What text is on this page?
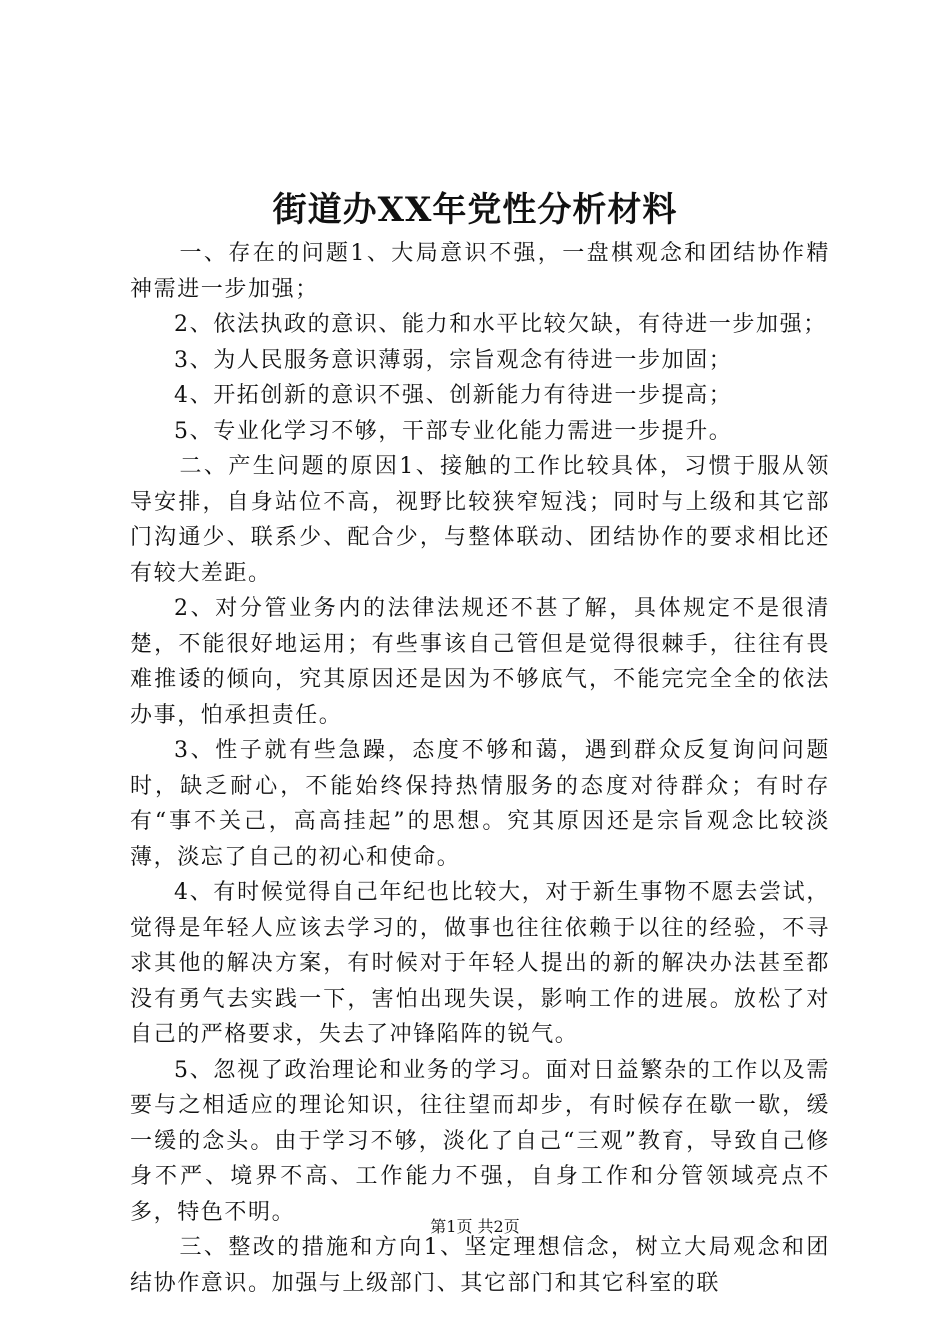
街道办XX年党性分析材料

一、存在的问题1、大局意识不强，一盘棋观念和团结协作精神需进一步加强；

2、依法执政的意识、能力和水平比较欠缺，有待进一步加强；

3、为人民服务意识薄弱，宗旨观念有待进一步加固；

4、开拓创新的意识不强、创新能力有待进一步提高；

5、专业化学习不够，干部专业化能力需进一步提升。

二、产生问题的原因1、接触的工作比较具体，习惯于服从领导安排，自身站位不高，视野比较狭窄短浅；同时与上级和其它部门沟通少、联系少、配合少，与整体联动、团结协作的要求相比还有较大差距。

2、对分管业务内的法律法规还不甚了解，具体规定不是很清楚，不能很好地运用；有些事该自己管但是觉得很棘手，往往有畏难推诿的倾向，究其原因还是因为不够底气，不能完完全全的依法办事，怕承担责任。

3、性子就有些急躁，态度不够和蔼，遇到群众反复询问问题时，缺乏耐心，不能始终保持热情服务的态度对待群众；有时存有“事不关己，高高挂起”的思想。究其原因还是宗旨观念比较淡薄，淡忘了自己的初心和使命。

4、有时候觉得自己年纪也比较大，对于新生事物不愿去尝试，觉得是年轻人应该去学习的，做事也往往依赖于以往的经验，不寻求其他的解决方案，有时候对于年轻人提出的新的解决办法甚至都没有勇气去实践一下，害怕出现失误，影响工作的进展。放松了对自己的严格要求，失去了冲锋陷阵的锐气。

5、忽视了政治理论和业务的学习。面对日益繁杂的工作以及需要与之相适应的理论知识，往往望而却步，有时候存在歇一歇，缓一缓的念头。由于学习不够，淡化了自己“三观”教育，导致自己修身不严、境界不高、工作能力不强，自身工作和分管领域亮点不多，特色不明。

三、整改的措施和方向1、坚定理想信念，树立大局观念和团结协作意识。加强与上级部门、其它部门和其它科室的联

第1页 共2页
